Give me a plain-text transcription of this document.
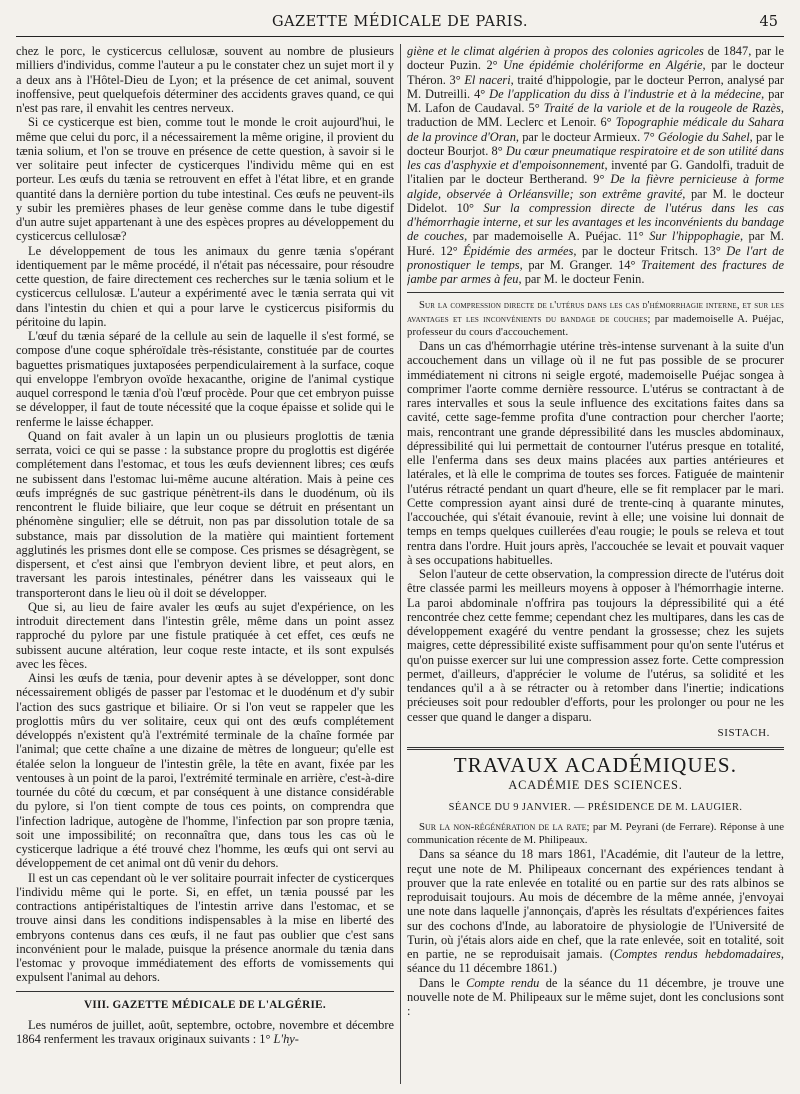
GAZETTE MÉDICALE DE PARIS.	45

chez le porc, le cysticercus cellulosæ, souvent au nombre de plusieurs milliers d'individus, comme l'auteur a pu le constater chez un sujet mort il y a deux ans à l'Hôtel-Dieu de Lyon; et la présence de cet animal, souvent inoffensive, peut quelquefois déterminer des accidents graves quand, ce qui n'est pas rare, il envahit les centres nerveux.

Si ce cysticerque est bien, comme tout le monde le croit aujourd'hui, le même que celui du porc, il a nécessairement la même origine, il provient du tænia solium, et l'on se trouve en présence de cette question, à savoir si le ver solitaire peut infecter de cysticerques l'individu même qui en est porteur. Les œufs du tænia se retrouvent en effet à l'état libre, et en grande quantité dans la dernière portion du tube intestinal. Ces œufs ne peuvent-ils y subir les premières phases de leur genèse comme dans le tube digestif d'un autre sujet appartenant à une des espèces propres au développement du cysticercus cellulosæ?

Le développement de tous les animaux du genre tænia s'opérant identiquement par le même procédé, il n'était pas nécessaire, pour résoudre cette question, de faire directement ces recherches sur le tænia solium et le cysticercus cellulosæ. L'auteur a expérimenté avec le tænia serrata qui vit dans l'intestin du chien et qui a pour larve le cysticercus pisiformis du péritoine du lapin.

L'œuf du tænia séparé de la cellule au sein de laquelle il s'est formé, se compose d'une coque sphéroïdale très-résistante, constituée par de courtes baguettes prismatiques juxtaposées perpendiculairement à la surface, coque qui enveloppe l'embryon ovoïde hexacanthe, origine de l'animal cystique auquel correspond le tænia d'où l'œuf procède. Pour que cet embryon puisse se développer, il faut de toute nécessité que la coque épaisse et solide qui le renferme le laisse échapper.

Quand on fait avaler à un lapin un ou plusieurs proglottis de tænia serrata, voici ce qui se passe : la substance propre du proglottis est digérée complétement dans l'estomac, et tous les œufs deviennent libres; ces œufs ne subissent dans l'estomac lui-même aucune altération. Mais à peine ces œufs imprégnés de suc gastrique pénètrent-ils dans le duodénum, où ils rencontrent le fluide biliaire, que leur coque se détruit en présentant un phénomène singulier; elle se détruit, non pas par dissolution totale de sa substance, mais par dissolution de la matière qui maintient fortement agglutinés les prismes dont elle se compose. Ces prismes se désagrègent, se dispersent, et c'est ainsi que l'embryon devient libre, et peut alors, en traversant les parois intestinales, pénétrer dans les vaisseaux qui le transporteront dans le lieu où il doit se développer.

Que si, au lieu de faire avaler les œufs au sujet d'expérience, on les introduit directement dans l'intestin grêle, même dans un point assez rapproché du pylore par une fistule pratiquée à cet effet, ces œufs ne subissent aucune altération, leur coque reste intacte, et ils sont expulsés avec les fèces.

Ainsi les œufs de tænia, pour devenir aptes à se développer, sont donc nécessairement obligés de passer par l'estomac et le duodénum et d'y subir l'action des sucs gastrique et biliaire. Or si l'on veut se rappeler que les proglottis mûrs du ver solitaire, ceux qui ont des œufs complétement développés n'existent qu'à l'extrémité terminale de la chaîne formée par l'animal; que cette chaîne a une dizaine de mètres de longueur; qu'elle est étalée selon la longueur de l'intestin grêle, la tête en avant, fixée par les ventouses à un point de la paroi, l'extrémité terminale en arrière, c'est-à-dire tournée du côté du cœcum, et par conséquent à une distance considérable du pylore, si l'on tient compte de tous ces points, on comprendra que l'infection ladrique, autogène de l'homme, l'infection par son propre tænia, soit une impossibilité; on reconnaîtra que, dans tous les cas où le cysticerque ladrique a été trouvé chez l'homme, les œufs qui ont servi au développement de cet animal ont dû venir du dehors.

Il est un cas cependant où le ver solitaire pourrait infecter de cysticerques l'individu même qui le porte. Si, en effet, un tænia poussé par les contractions antipéristaltiques de l'intestin arrive dans l'estomac, et se trouve ainsi dans les conditions indispensables à la mise en liberté des embryons contenus dans ces œufs, il ne faut pas oublier que c'est sans inconvénient pour le malade, puisque la présence anormale du tænia dans l'estomac y provoque immédiatement des efforts de vomissements qui expulsent l'animal au dehors.

VIII. GAZETTE MÉDICALE DE L'ALGÉRIE.

Les numéros de juillet, août, septembre, octobre, novembre et décembre 1864 renferment les travaux originaux suivants : 1° L'hy-

giène et le climat algérien à propos des colonies agricoles de 1847, par le docteur Puzin. 2° Une épidémie cholériforme en Algérie, par le docteur Théron. 3° El naceri, traité d'hippologie, par le docteur Perron, analysé par M. Dutreilli. 4° De l'application du diss à l'industrie et à la médecine, par M. Lafon de Caudaval. 5° Traité de la variole et de la rougeole de Razès, traduction de MM. Leclerc et Lenoir. 6° Topographie médicale du Sahara de la province d'Oran, par le docteur Armieux. 7° Géologie du Sahel, par le docteur Bourjot. 8° Du cœur pneumatique respiratoire et de son utilité dans les cas d'asphyxie et d'empoisonnement, inventé par G. Gandolfi, traduit de l'italien par le docteur Bertherand. 9° De la fièvre pernicieuse à forme algide, observée à Orléansville; son extrême gravité, par M. le docteur Didelot. 10° Sur la compression directe de l'utérus dans les cas d'hémorrhagie interne, et sur les avantages et les inconvénients du bandage de couches, par mademoiselle A. Puéjac. 11° Sur l'hippophagie, par M. Huré. 12° Épidémie des armées, par le docteur Fritsch. 13° De l'art de pronostiquer le temps, par M. Granger. 14° Traitement des fractures de jambe par armes à feu, par M. le docteur Fenin.

Sur la compression directe de l'utérus dans les cas d'hémorrhagie interne, et sur les avantages et les inconvénients du bandage de couches; par mademoiselle A. Puéjac, professeur du cours d'accouchement.

Dans un cas d'hémorrhagie utérine très-intense survenant à la suite d'un accouchement dans un village où il ne fut pas possible de se procurer immédiatement ni citrons ni seigle ergoté, mademoiselle Puéjac songea à comprimer l'aorte comme dernière ressource. L'utérus se contractant à de rares intervalles et sous la seule influence des excitations faites dans sa cavité, cette sage-femme profita d'une contraction pour chercher l'aorte; mais, rencontrant une grande dépressibilité dans les muscles abdominaux, dépressibilité qui lui permettait de contourner l'utérus presque en totalité, elle l'enferma dans ses deux mains placées aux parties antérieures et latérales, et là elle le comprima de toutes ses forces. Fatiguée de maintenir l'utérus rétracté pendant un quart d'heure, elle se fit remplacer par le mari. Cette compression ayant ainsi duré de trente-cinq à quarante minutes, l'accouchée, qui s'était évanouie, revint à elle; une voisine lui donnait de temps en temps quelques cuillerées d'eau rougie; le pouls se releva et tout rentra dans l'ordre. Huit jours après, l'accouchée se levait et pouvait vaquer à ses occupations habituelles.

Selon l'auteur de cette observation, la compression directe de l'utérus doit être classée parmi les meilleurs moyens à opposer à l'hémorrhagie interne. La paroi abdominale n'offrira pas toujours la dépressibilité qui a été rencontrée chez cette femme; cependant chez les multipares, dans les cas de développement exagéré du ventre pendant la grossesse; chez les sujets maigres, cette dépressibilité existe suffisamment pour qu'on sente l'utérus et qu'on puisse exercer sur lui une compression assez forte. Cette compression permet, d'ailleurs, d'apprécier le volume de l'utérus, sa solidité et les tendances qu'il a à se rétracter ou à retomber dans l'inertie; indications précieuses soit pour redoubler d'efforts, pour les prolonger ou pour ne les cesser que quand le danger a disparu.

SISTACH.
TRAVAUX ACADÉMIQUES.
ACADÉMIE DES SCIENCES.
SÉANCE DU 9 JANVIER. — PRÉSIDENCE DE M. LAUGIER.

Sur la non-régénération de la rate; par M. Peyrani (de Ferrare). Réponse à une communication récente de M. Philipeaux.

Dans sa séance du 18 mars 1861, l'Académie, dit l'auteur de la lettre, reçut une note de M. Philipeaux concernant des expériences tendant à prouver que la rate enlevée en totalité ou en partie sur des rats albinos se reproduisait toujours. Au mois de décembre de la même année, j'envoyai une note dans laquelle j'annonçais, d'après les résultats d'expériences faites sur des cochons d'Inde, au laboratoire de physiologie de l'Université de Turin, où j'étais alors aide en chef, que la rate enlevée, soit en totalité, soit en partie, ne se reproduisait jamais. (Comptes rendus hebdomadaires, séance du 11 décembre 1861.)

Dans le Compte rendu de la séance du 11 décembre, je trouve une nouvelle note de M. Philipeaux sur le même sujet, dont les conclusions sont :
